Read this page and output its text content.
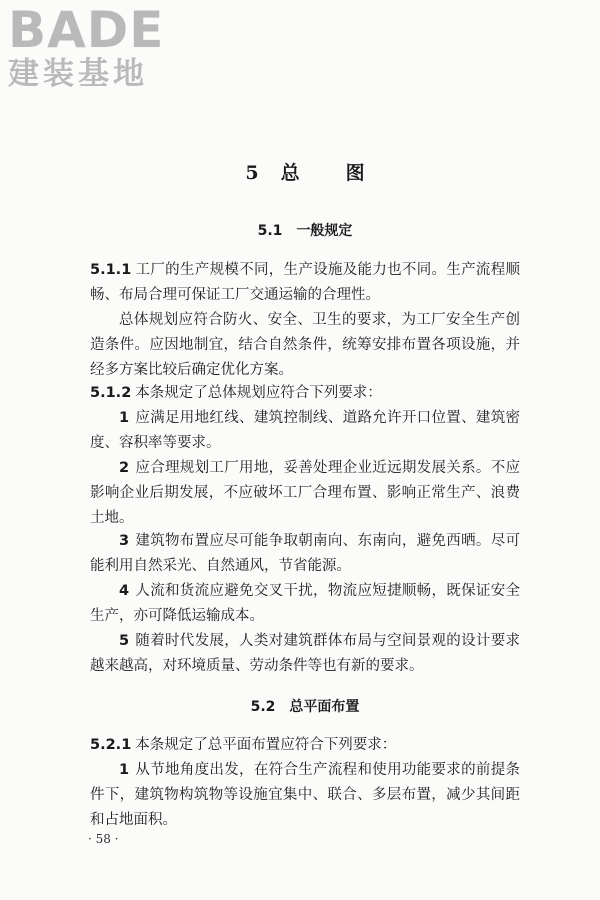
BADE
建装基地
5 总 图
5.1 一般规定

5.1.1 工厂的生产规模不同，生产设施及能力也不同。生产流程顺畅、布局合理可保证工厂交通运输的合理性。

总体规划应符合防火、安全、卫生的要求，为工厂安全生产创造条件。应因地制宜，结合自然条件，统筹安排布置各项设施，并经多方案比较后确定优化方案。

5.1.2 本条规定了总体规划应符合下列要求：

1 应满足用地红线、建筑控制线、道路允许开口位置、建筑密度、容积率等要求。

2 应合理规划工厂用地，妥善处理企业近远期发展关系。不应影响企业后期发展，不应破坏工厂合理布置、影响正常生产、浪费土地。

3 建筑物布置应尽可能争取朝南向、东南向，避免西晒。尽可能利用自然采光、自然通风，节省能源。

4 人流和货流应避免交叉干扰，物流应短捷顺畅，既保证安全生产，亦可降低运输成本。

5 随着时代发展，人类对建筑群体布局与空间景观的设计要求越来越高，对环境质量、劳动条件等也有新的要求。

5.2 总平面布置

5.2.1 本条规定了总平面布置应符合下列要求：

1 从节地角度出发，在符合生产流程和使用功能要求的前提条件下，建筑物构筑物等设施宜集中、联合、多层布置，减少其间距和占地面积。

· 58 ·
